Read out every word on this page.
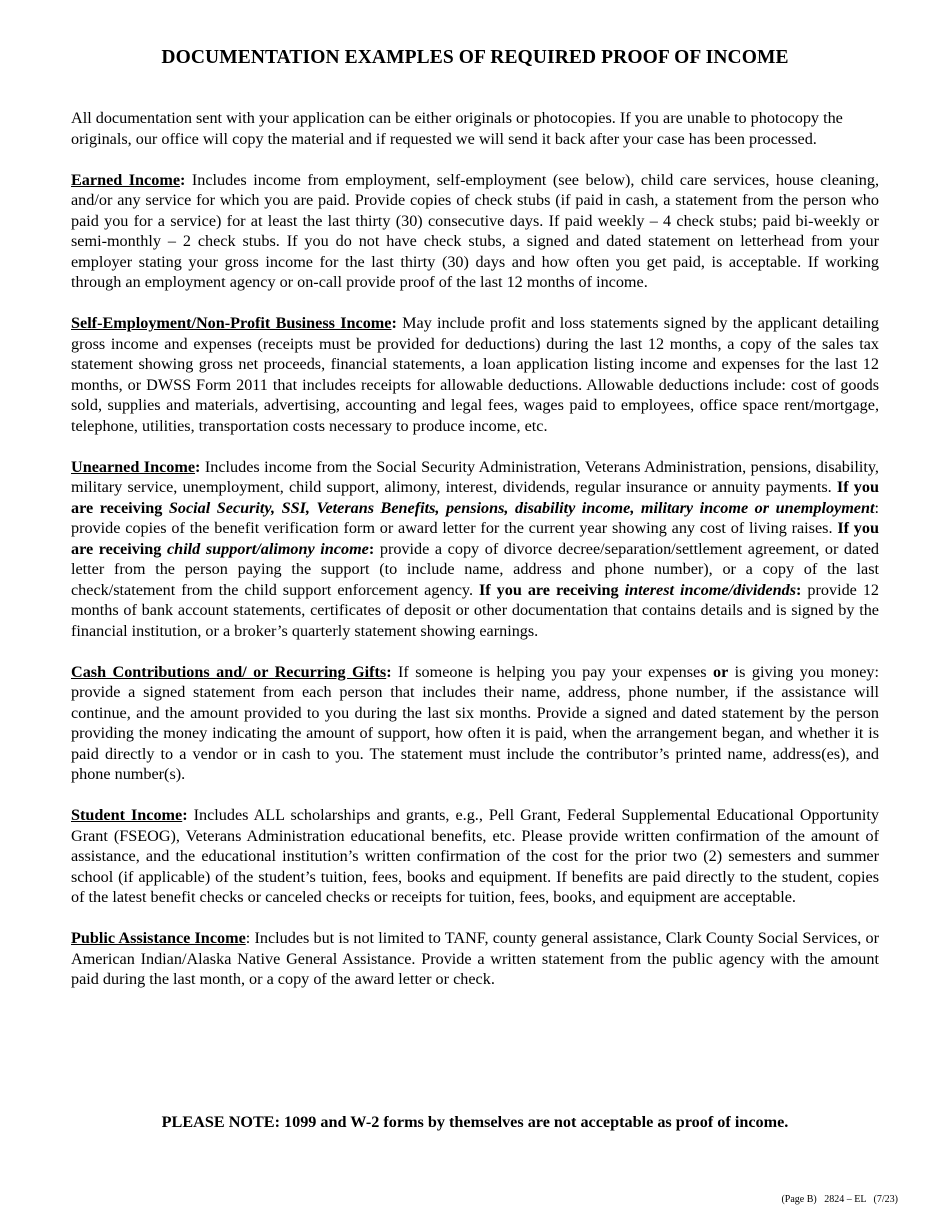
DOCUMENTATION EXAMPLES OF REQUIRED PROOF OF INCOME

All documentation sent with your application can be either originals or photocopies. If you are unable to photocopy the originals, our office will copy the material and if requested we will send it back after your case has been processed.

Earned Income: Includes income from employment, self-employment (see below), child care services, house cleaning, and/or any service for which you are paid. Provide copies of check stubs (if paid in cash, a statement from the person who paid you for a service) for at least the last thirty (30) consecutive days. If paid weekly – 4 check stubs; paid bi-weekly or semi-monthly – 2 check stubs. If you do not have check stubs, a signed and dated statement on letterhead from your employer stating your gross income for the last thirty (30) days and how often you get paid, is acceptable. If working through an employment agency or on-call provide proof of the last 12 months of income.

Self-Employment/Non-Profit Business Income: May include profit and loss statements signed by the applicant detailing gross income and expenses (receipts must be provided for deductions) during the last 12 months, a copy of the sales tax statement showing gross net proceeds, financial statements, a loan application listing income and expenses for the last 12 months, or DWSS Form 2011 that includes receipts for allowable deductions. Allowable deductions include: cost of goods sold, supplies and materials, advertising, accounting and legal fees, wages paid to employees, office space rent/mortgage, telephone, utilities, transportation costs necessary to produce income, etc.

Unearned Income: Includes income from the Social Security Administration, Veterans Administration, pensions, disability, military service, unemployment, child support, alimony, interest, dividends, regular insurance or annuity payments. If you are receiving Social Security, SSI, Veterans Benefits, pensions, disability income, military income or unemployment: provide copies of the benefit verification form or award letter for the current year showing any cost of living raises. If you are receiving child support/alimony income: provide a copy of divorce decree/separation/settlement agreement, or dated letter from the person paying the support (to include name, address and phone number), or a copy of the last check/statement from the child support enforcement agency. If you are receiving interest income/dividends: provide 12 months of bank account statements, certificates of deposit or other documentation that contains details and is signed by the financial institution, or a broker’s quarterly statement showing earnings.

Cash Contributions and/ or Recurring Gifts: If someone is helping you pay your expenses or is giving you money: provide a signed statement from each person that includes their name, address, phone number, if the assistance will continue, and the amount provided to you during the last six months. Provide a signed and dated statement by the person providing the money indicating the amount of support, how often it is paid, when the arrangement began, and whether it is paid directly to a vendor or in cash to you. The statement must include the contributor’s printed name, address(es), and phone number(s).

Student Income: Includes ALL scholarships and grants, e.g., Pell Grant, Federal Supplemental Educational Opportunity Grant (FSEOG), Veterans Administration educational benefits, etc. Please provide written confirmation of the amount of assistance, and the educational institution’s written confirmation of the cost for the prior two (2) semesters and summer school (if applicable) of the student’s tuition, fees, books and equipment. If benefits are paid directly to the student, copies of the latest benefit checks or canceled checks or receipts for tuition, fees, books, and equipment are acceptable.

Public Assistance Income: Includes but is not limited to TANF, county general assistance, Clark County Social Services, or American Indian/Alaska Native General Assistance. Provide a written statement from the public agency with the amount paid during the last month, or a copy of the award letter or check.

PLEASE NOTE: 1099 and W-2 forms by themselves are not acceptable as proof of income.

(Page B)   2824 – EL   (7/23)
